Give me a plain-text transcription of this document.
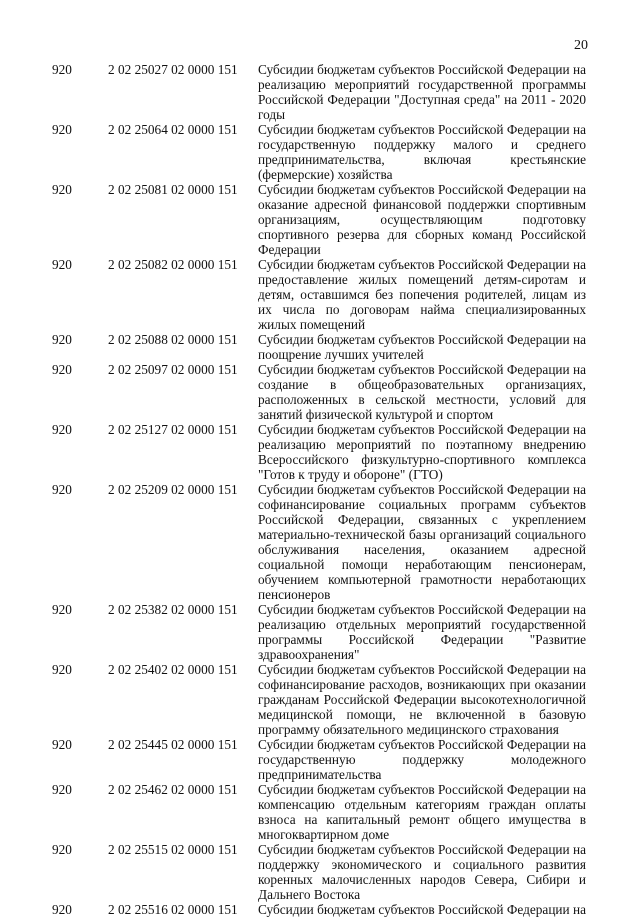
20
920	2 02 25027 02 0000 151	Субсидии бюджетам субъектов Российской Федерации на реализацию мероприятий государственной программы Российской Федерации "Доступная среда" на 2011 - 2020 годы
920	2 02 25064 02 0000 151	Субсидии бюджетам субъектов Российской Федерации на государственную поддержку малого и среднего предпринимательства, включая крестьянские (фермерские) хозяйства
920	2 02 25081 02 0000 151	Субсидии бюджетам субъектов Российской Федерации на оказание адресной финансовой поддержки спортивным организациям, осуществляющим подготовку спортивного резерва для сборных команд Российской Федерации
920	2 02 25082 02 0000 151	Субсидии бюджетам субъектов Российской Федерации на предоставление жилых помещений детям-сиротам и детям, оставшимся без попечения родителей, лицам из их числа по договорам найма специализированных жилых помещений
920	2 02 25088 02 0000 151	Субсидии бюджетам субъектов Российской Федерации на поощрение лучших учителей
920	2 02 25097 02 0000 151	Субсидии бюджетам субъектов Российской Федерации на создание в общеобразовательных организациях, расположенных в сельской местности, условий для занятий физической культурой и спортом
920	2 02 25127 02 0000 151	Субсидии бюджетам субъектов Российской Федерации на реализацию мероприятий по поэтапному внедрению Всероссийского физкультурно-спортивного комплекса "Готов к труду и обороне" (ГТО)
920	2 02 25209 02 0000 151	Субсидии бюджетам субъектов Российской Федерации на софинансирование социальных программ субъектов Российской Федерации, связанных с укреплением материально-технической базы организаций социального обслуживания населения, оказанием адресной социальной помощи неработающим пенсионерам, обучением компьютерной грамотности неработающих пенсионеров
920	2 02 25382 02 0000 151	Субсидии бюджетам субъектов Российской Федерации на реализацию отдельных мероприятий государственной программы Российской Федерации "Развитие здравоохранения"
920	2 02 25402 02 0000 151	Субсидии бюджетам субъектов Российской Федерации на софинансирование расходов, возникающих при оказании гражданам Российской Федерации высокотехнологичной медицинской помощи, не включенной в базовую программу обязательного медицинского страхования
920	2 02 25445 02 0000 151	Субсидии бюджетам субъектов Российской Федерации на государственную поддержку молодежного предпринимательства
920	2 02 25462 02 0000 151	Субсидии бюджетам субъектов Российской Федерации на компенсацию отдельным категориям граждан оплаты взноса на капитальный ремонт общего имущества в многоквартирном доме
920	2 02 25515 02 0000 151	Субсидии бюджетам субъектов Российской Федерации на поддержку экономического и социального развития коренных малочисленных народов Севера, Сибири и Дальнего Востока
920	2 02 25516 02 0000 151	Субсидии бюджетам субъектов Российской Федерации на
